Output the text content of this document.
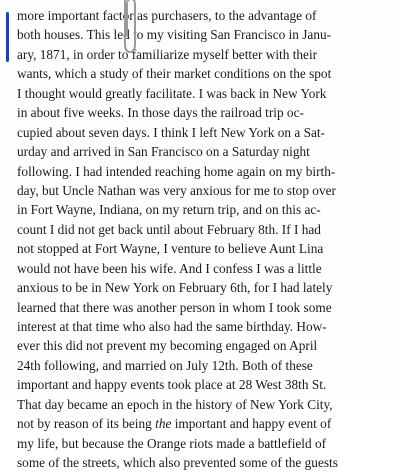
more important factor as purchasers, to the advantage of
both houses. This led to my visiting San Francisco in Janu-
ary, 1871, in order to familiarize myself better with their
wants, which a study of their market conditions on the spot
I thought would greatly facilitate. I was back in New York
in about five weeks. In those days the railroad trip oc-
cupied about seven days. I think I left New York on a Sat-
urday and arrived in San Francisco on a Saturday night
following. I had intended reaching home again on my birth-
day, but Uncle Nathan was very anxious for me to stop over
in Fort Wayne, Indiana, on my return trip, and on this ac-
count I did not get back until about February 8th. If I had
not stopped at Fort Wayne, I venture to believe Aunt Lina
would not have been his wife. And I confess I was a little
anxious to be in New York on February 6th, for I had lately
learned that there was another person in whom I took some
interest at that time who also had the same birthday. How-
ever this did not prevent my becoming engaged on April
24th following, and married on July 12th. Both of these
important and happy events took place at 28 West 38th St.
That day became an epoch in the history of New York City,
not by reason of its being the important and happy event of
my life, but because the Orange riots made a battlefield of
some of the streets, which also prevented some of the guests
